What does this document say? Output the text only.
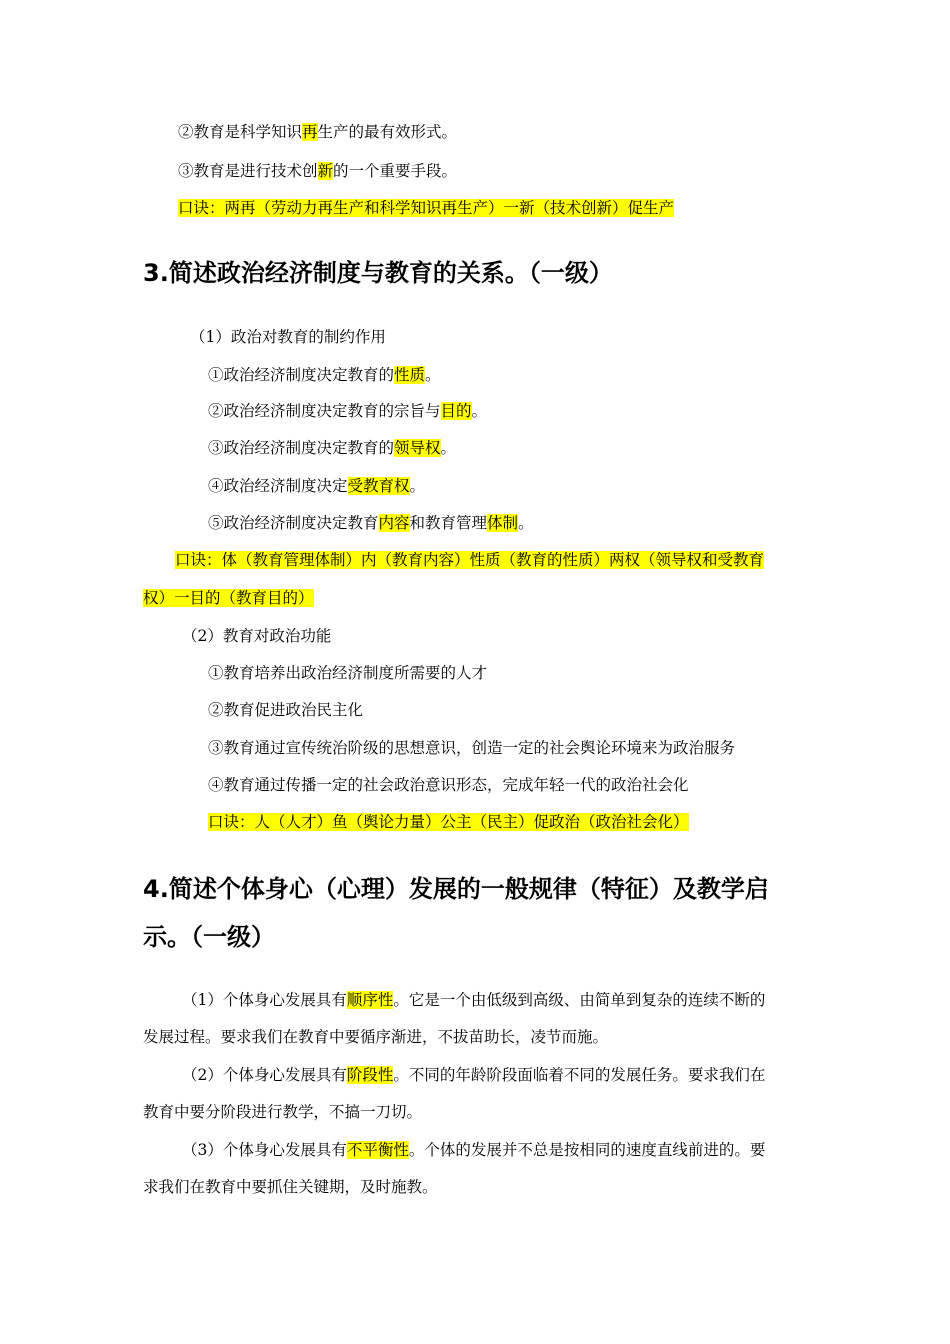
②教育是科学知识再生产的最有效形式。
③教育是进行技术创新的一个重要手段。
口诀：两再（劳动力再生产和科学知识再生产）一新（技术创新）促生产
3.简述政治经济制度与教育的关系。（一级）
（1）政治对教育的制约作用
①政治经济制度决定教育的性质。
②政治经济制度决定教育的宗旨与目的。
③政治经济制度决定教育的领导权。
④政治经济制度决定受教育权。
⑤政治经济制度决定教育内容和教育管理体制。
口诀：体（教育管理体制）内（教育内容）性质（教育的性质）两权（领导权和受教育
权）一目的（教育目的）
（2）教育对政治功能
①教育培养出政治经济制度所需要的人才
②教育促进政治民主化
③教育通过宣传统治阶级的思想意识，创造一定的社会舆论环境来为政治服务
④教育通过传播一定的社会政治意识形态，完成年轻一代的政治社会化
口诀：人（人才）鱼（舆论力量）公主（民主）促政治（政治社会化）
4.简述个体身心（心理）发展的一般规律（特征）及教学启
示。（一级）
（1）个体身心发展具有顺序性。它是一个由低级到高级、由简单到复杂的连续不断的
发展过程。要求我们在教育中要循序渐进，不拔苗助长，凌节而施。
（2）个体身心发展具有阶段性。不同的年龄阶段面临着不同的发展任务。要求我们在
教育中要分阶段进行教学，不搞一刀切。
（3）个体身心发展具有不平衡性。个体的发展并不总是按相同的速度直线前进的。要
求我们在教育中要抓住关键期，及时施教。
